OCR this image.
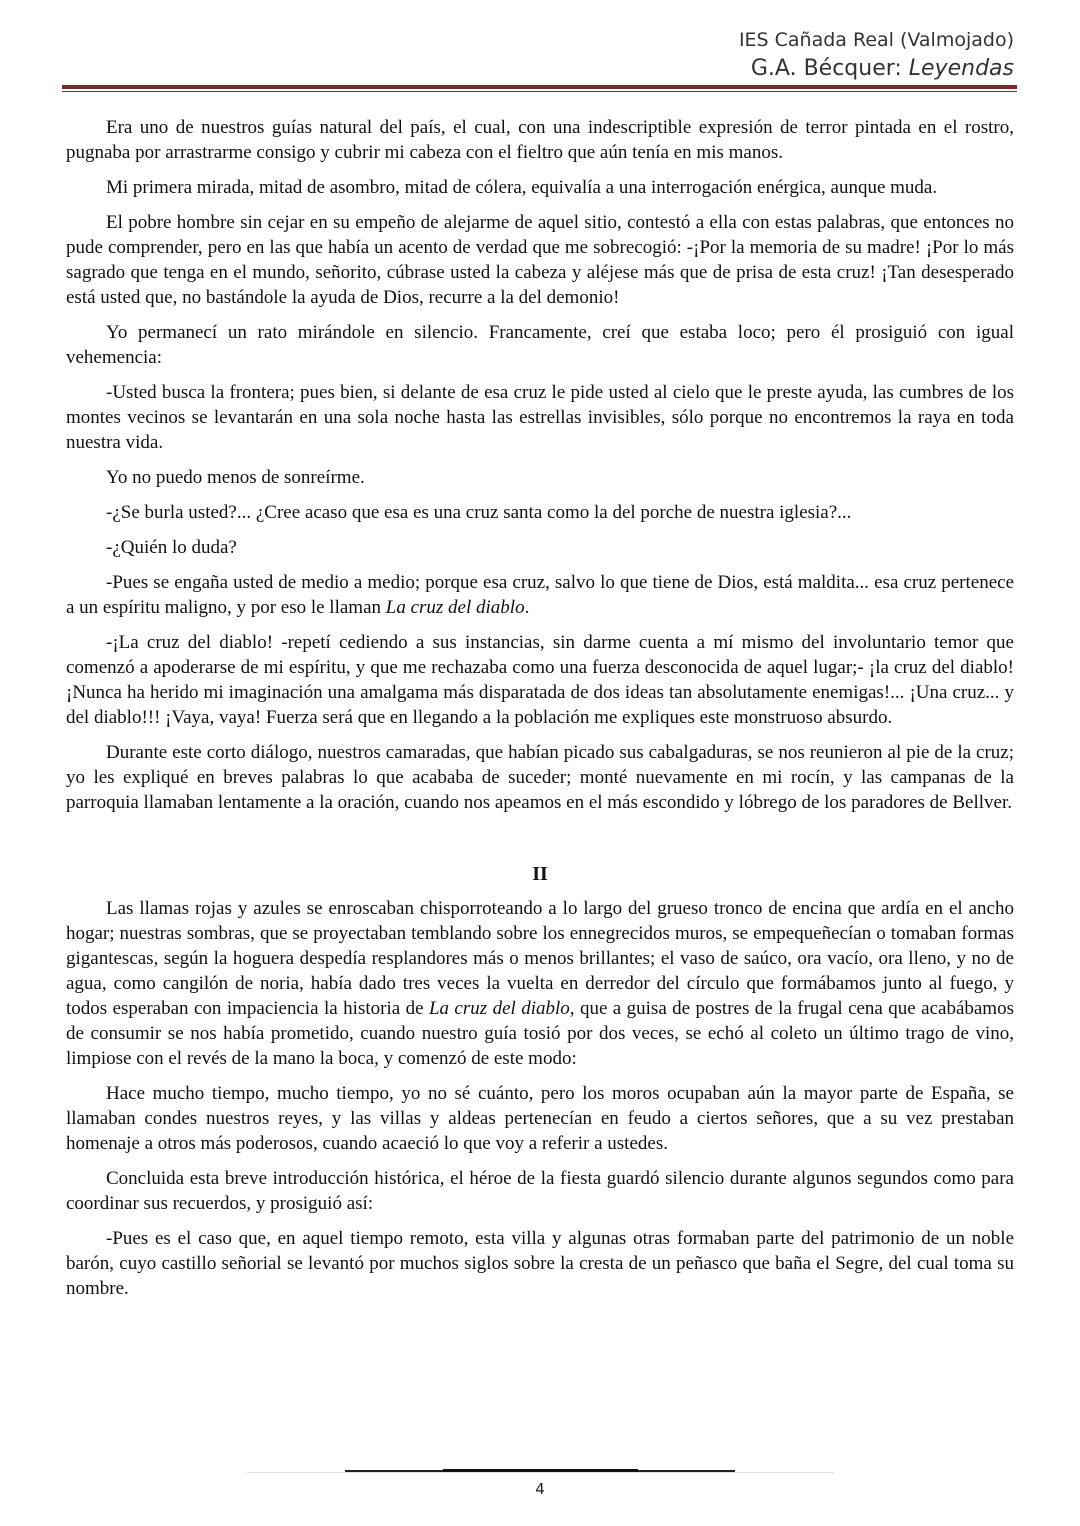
IES Cañada Real (Valmojado)
G.A. Bécquer: Leyendas

Era uno de nuestros guías natural del país, el cual, con una indescriptible expresión de terror pintada en el rostro, pugnaba por arrastrarme consigo y cubrir mi cabeza con el fieltro que aún tenía en mis manos.

Mi primera mirada, mitad de asombro, mitad de cólera, equivalía a una interrogación enérgica, aunque muda.

El pobre hombre sin cejar en su empeño de alejarme de aquel sitio, contestó a ella con estas palabras, que entonces no pude comprender, pero en las que había un acento de verdad que me sobrecogió: -¡Por la memoria de su madre! ¡Por lo más sagrado que tenga en el mundo, señorito, cúbrase usted la cabeza y aléjese más que de prisa de esta cruz! ¡Tan desesperado está usted que, no bastándole la ayuda de Dios, recurre a la del demonio!

Yo permanecí un rato mirándole en silencio. Francamente, creí que estaba loco; pero él prosiguió con igual vehemencia:

-Usted busca la frontera; pues bien, si delante de esa cruz le pide usted al cielo que le preste ayuda, las cumbres de los montes vecinos se levantarán en una sola noche hasta las estrellas invisibles, sólo porque no encontremos la raya en toda nuestra vida.

Yo no puedo menos de sonreírme.

-¿Se burla usted?... ¿Cree acaso que esa es una cruz santa como la del porche de nuestra iglesia?...

-¿Quién lo duda?

-Pues se engaña usted de medio a medio; porque esa cruz, salvo lo que tiene de Dios, está maldita... esa cruz pertenece a un espíritu maligno, y por eso le llaman La cruz del diablo.

-¡La cruz del diablo! -repetí cediendo a sus instancias, sin darme cuenta a mí mismo del involuntario temor que comenzó a apoderarse de mi espíritu, y que me rechazaba como una fuerza desconocida de aquel lugar;- ¡la cruz del diablo! ¡Nunca ha herido mi imaginación una amalgama más disparatada de dos ideas tan absolutamente enemigas!... ¡Una cruz... y del diablo!!! ¡Vaya, vaya! Fuerza será que en llegando a la población me expliques este monstruoso absurdo.

Durante este corto diálogo, nuestros camaradas, que habían picado sus cabalgaduras, se nos reunieron al pie de la cruz; yo les expliqué en breves palabras lo que acababa de suceder; monté nuevamente en mi rocín, y las campanas de la parroquia llamaban lentamente a la oración, cuando nos apeamos en el más escondido y lóbrego de los paradores de Bellver.

II

Las llamas rojas y azules se enroscaban chisporroteando a lo largo del grueso tronco de encina que ardía en el ancho hogar; nuestras sombras, que se proyectaban temblando sobre los ennegrecidos muros, se empequeñecían o tomaban formas gigantescas, según la hoguera despedía resplandores más o menos brillantes; el vaso de saúco, ora vacío, ora lleno, y no de agua, como cangilón de noria, había dado tres veces la vuelta en derredor del círculo que formábamos junto al fuego, y todos esperaban con impaciencia la historia de La cruz del diablo, que a guisa de postres de la frugal cena que acabábamos de consumir se nos había prometido, cuando nuestro guía tosió por dos veces, se echó al coleto un último trago de vino, limpiose con el revés de la mano la boca, y comenzó de este modo:

Hace mucho tiempo, mucho tiempo, yo no sé cuánto, pero los moros ocupaban aún la mayor parte de España, se llamaban condes nuestros reyes, y las villas y aldeas pertenecían en feudo a ciertos señores, que a su vez prestaban homenaje a otros más poderosos, cuando acaeció lo que voy a referir a ustedes.

Concluida esta breve introducción histórica, el héroe de la fiesta guardó silencio durante algunos segundos como para coordinar sus recuerdos, y prosiguió así:

-Pues es el caso que, en aquel tiempo remoto, esta villa y algunas otras formaban parte del patrimonio de un noble barón, cuyo castillo señorial se levantó por muchos siglos sobre la cresta de un peñasco que baña el Segre, del cual toma su nombre.

4
